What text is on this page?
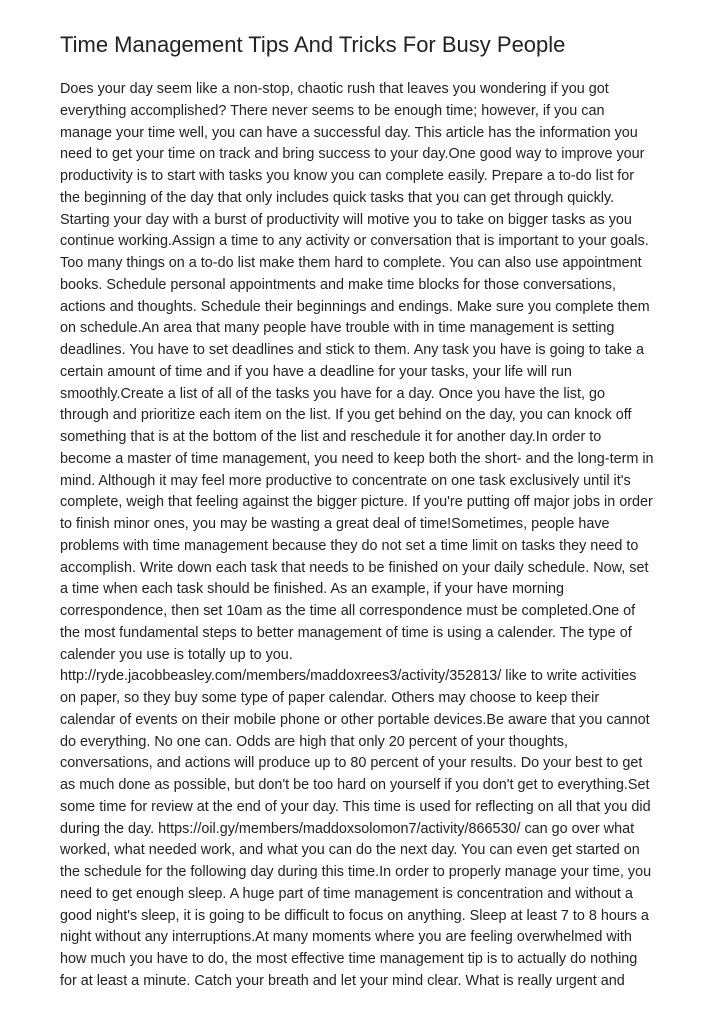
Time Management Tips And Tricks For Busy People
Does your day seem like a non-stop, chaotic rush that leaves you wondering if you got
everything accomplished? There never seems to be enough time; however, if you can
manage your time well, you can have a successful day. This article has the information you
need to get your time on track and bring success to your day.One good way to improve your
productivity is to start with tasks you know you can complete easily. Prepare a to-do list for
the beginning of the day that only includes quick tasks that you can get through quickly.
Starting your day with a burst of productivity will motive you to take on bigger tasks as you
continue working.Assign a time to any activity or conversation that is important to your goals.
Too many things on a to-do list make them hard to complete. You can also use appointment
books. Schedule personal appointments and make time blocks for those conversations,
actions and thoughts. Schedule their beginnings and endings. Make sure you complete them
on schedule.An area that many people have trouble with in time management is setting
deadlines. You have to set deadlines and stick to them. Any task you have is going to take a
certain amount of time and if you have a deadline for your tasks, your life will run
smoothly.Create a list of all of the tasks you have for a day. Once you have the list, go
through and prioritize each item on the list. If you get behind on the day, you can knock off
something that is at the bottom of the list and reschedule it for another day.In order to
become a master of time management, you need to keep both the short- and the long-term in
mind. Although it may feel more productive to concentrate on one task exclusively until it's
complete, weigh that feeling against the bigger picture. If you're putting off major jobs in order
to finish minor ones, you may be wasting a great deal of time!Sometimes, people have
problems with time management because they do not set a time limit on tasks they need to
accomplish. Write down each task that needs to be finished on your daily schedule. Now, set
a time when each task should be finished. As an example, if your have morning
correspondence, then set 10am as the time all correspondence must be completed.One of
the most fundamental steps to better management of time is using a calender. The type of
calender you use is totally up to you.
http://ryde.jacobbeasley.com/members/maddoxrees3/activity/352813/ like to write activities
on paper, so they buy some type of paper calendar. Others may choose to keep their
calendar of events on their mobile phone or other portable devices.Be aware that you cannot
do everything. No one can. Odds are high that only 20 percent of your thoughts,
conversations, and actions will produce up to 80 percent of your results. Do your best to get
as much done as possible, but don't be too hard on yourself if you don't get to everything.Set
some time for review at the end of your day. This time is used for reflecting on all that you did
during the day. https://oil.gy/members/maddoxsolomon7/activity/866530/ can go over what
worked, what needed work, and what you can do the next day. You can even get started on
the schedule for the following day during this time.In order to properly manage your time, you
need to get enough sleep. A huge part of time management is concentration and without a
good night's sleep, it is going to be difficult to focus on anything. Sleep at least 7 to 8 hours a
night without any interruptions.At many moments where you are feeling overwhelmed with
how much you have to do, the most effective time management tip is to actually do nothing
for at least a minute. Catch your breath and let your mind clear. What is really urgent and
